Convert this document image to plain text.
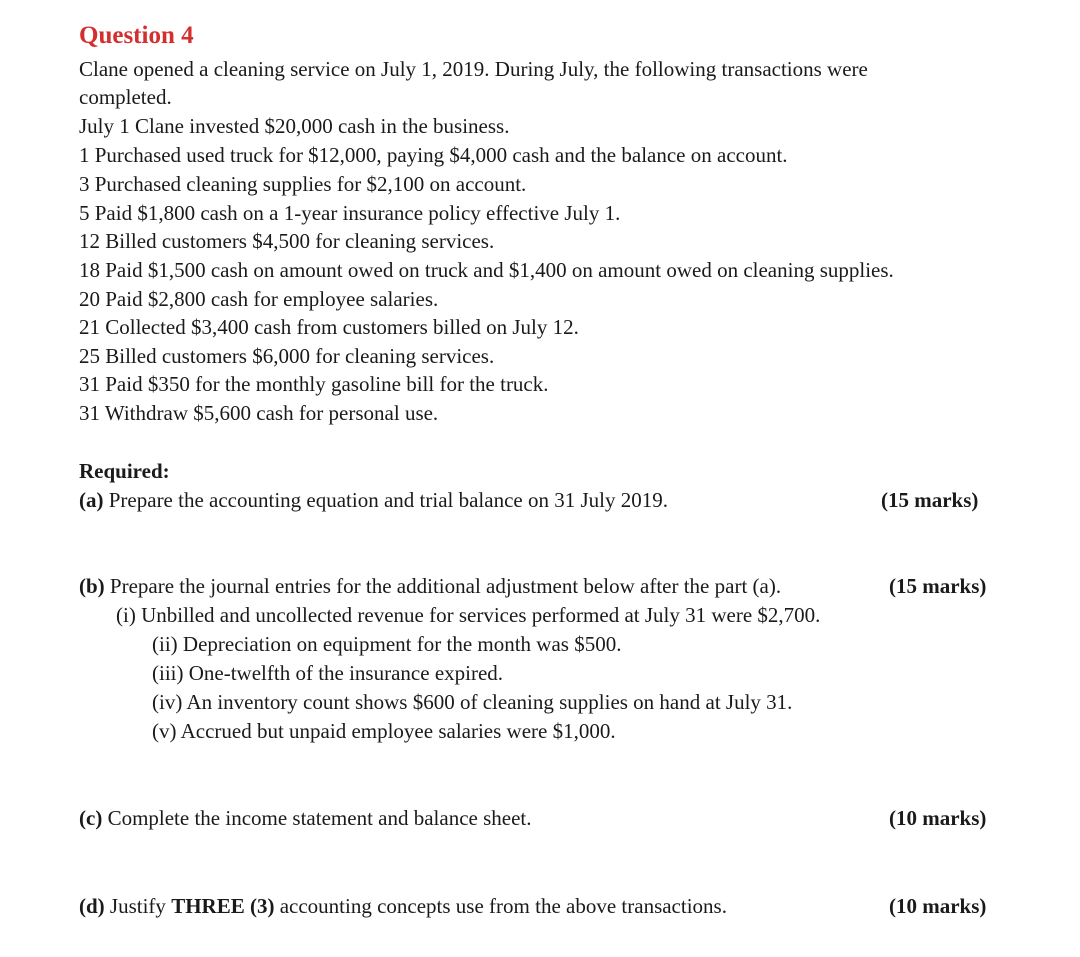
Question 4
Clane opened a cleaning service on July 1, 2019. During July, the following transactions were
completed.
July 1 Clane invested $20,000 cash in the business.
1 Purchased used truck for $12,000, paying $4,000 cash and the balance on account.
3 Purchased cleaning supplies for $2,100 on account.
5 Paid $1,800 cash on a 1-year insurance policy effective July 1.
12 Billed customers $4,500 for cleaning services.
18 Paid $1,500 cash on amount owed on truck and $1,400 on amount owed on cleaning supplies.
20 Paid $2,800 cash for employee salaries.
21 Collected $3,400 cash from customers billed on July 12.
25 Billed customers $6,000 for cleaning services.
31 Paid $350 for the monthly gasoline bill for the truck.
31 Withdraw $5,600 cash for personal use.
Required:
(a) Prepare the accounting equation and trial balance on 31 July 2019.	(15 marks)
(b) Prepare the journal entries for the additional adjustment below after the part (a).	(15 marks)
(i) Unbilled and uncollected revenue for services performed at July 31 were $2,700.
(ii) Depreciation on equipment for the month was $500.
(iii) One-twelfth of the insurance expired.
(iv) An inventory count shows $600 of cleaning supplies on hand at July 31.
(v) Accrued but unpaid employee salaries were $1,000.
(c) Complete the income statement and balance sheet.	(10 marks)
(d) Justify THREE (3) accounting concepts use from the above transactions.	(10 marks)
